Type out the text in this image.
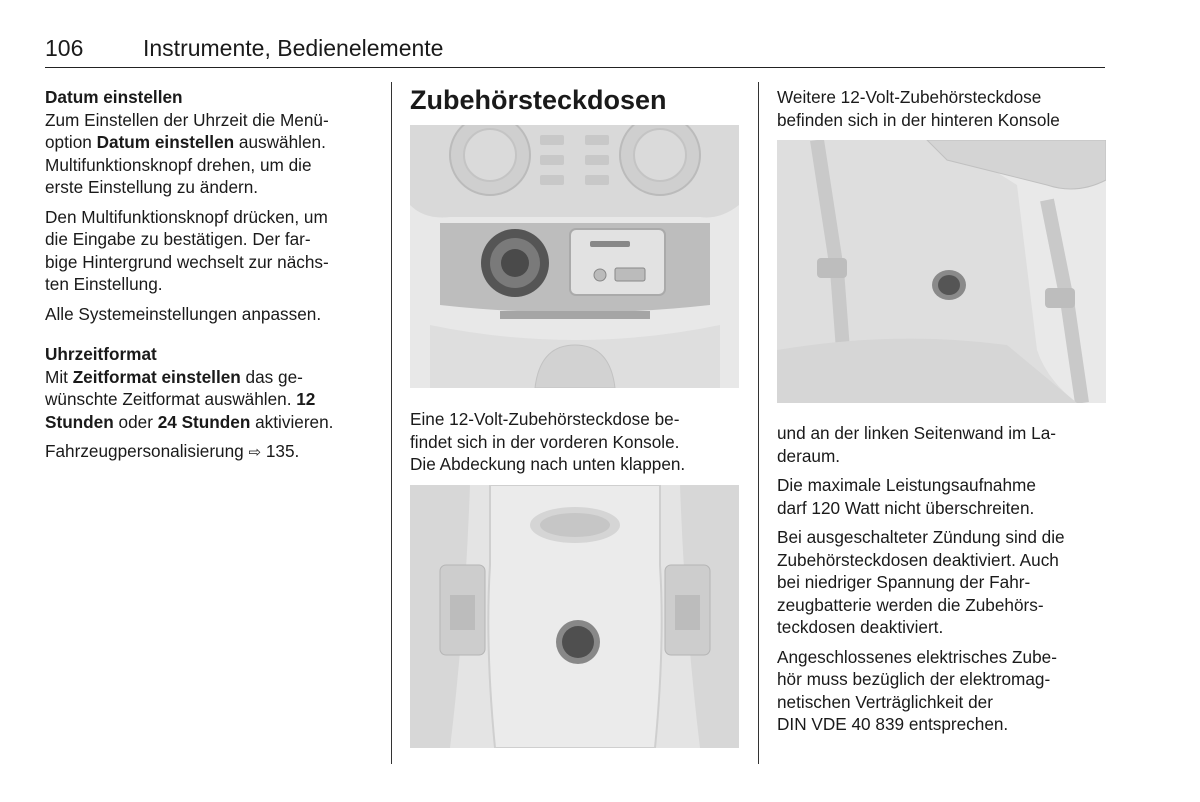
106	Instrumente, Bedienelemente

Datum einstellen

Zum Einstellen der Uhrzeit die Menü-
option Datum einstellen auswählen.
Multifunktionsknopf drehen, um die
erste Einstellung zu ändern.

Den Multifunktionsknopf drücken, um
die Eingabe zu bestätigen. Der far-
bige Hintergrund wechselt zur nächs-
ten Einstellung.

Alle Systemeinstellungen anpassen.

Uhrzeitformat

Mit Zeitformat einstellen das ge-
wünschte Zeitformat auswählen. 12
Stunden oder 24 Stunden aktivieren.

Fahrzeugpersonalisierung ⇨ 135.

Zubehörsteckdosen

Eine 12-Volt-Zubehörsteckdose be-
findet sich in der vorderen Konsole.
Die Abdeckung nach unten klappen.

Weitere 12-Volt-Zubehörsteckdose
befinden sich in der hinteren Konsole

und an der linken Seitenwand im La-
deraum.

Die maximale Leistungsaufnahme
darf 120 Watt nicht überschreiten.

Bei ausgeschalteter Zündung sind die
Zubehörsteckdosen deaktiviert. Auch
bei niedriger Spannung der Fahr-
zeugbatterie werden die Zubehörs-
teckdosen deaktiviert.

Angeschlossenes elektrisches Zube-
hör muss bezüglich der elektromag-
netischen Verträglichkeit der
DIN VDE 40 839 entsprechen.
